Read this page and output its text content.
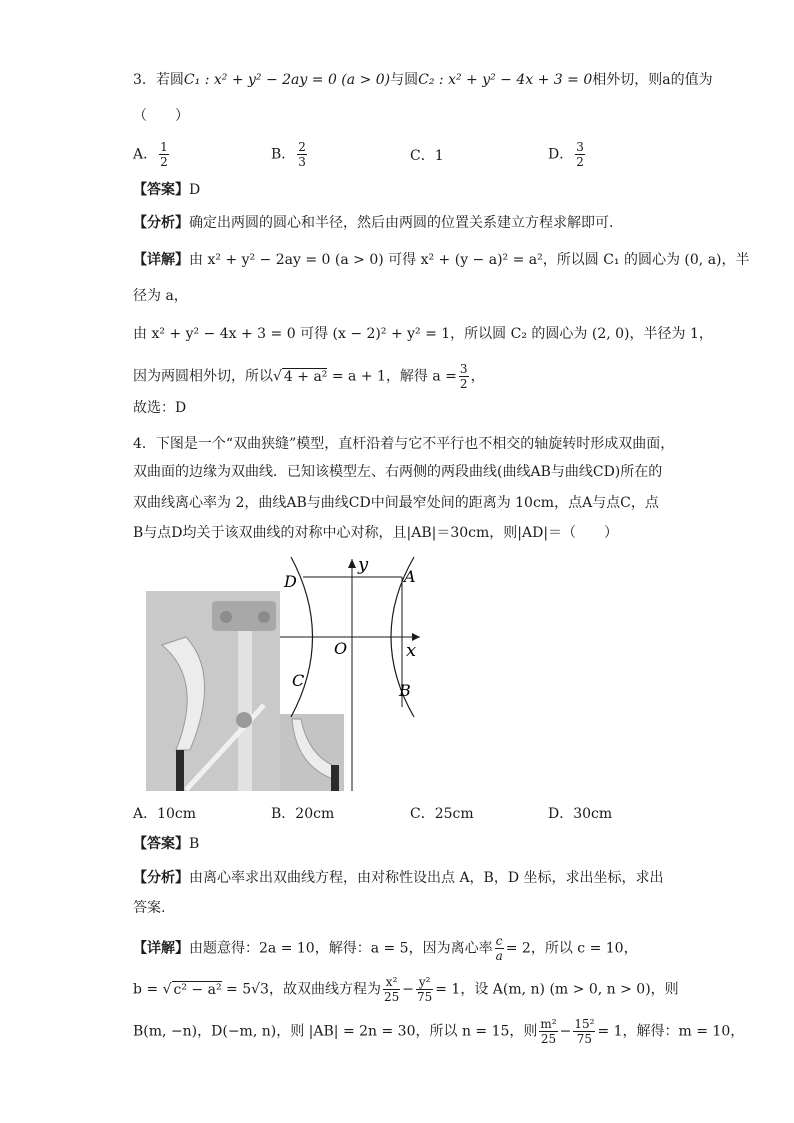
3．若圆C₁ : x² + y² − 2ay = 0 (a > 0)与圆C₂ : x² + y² − 4x + 3 = 0相外切，则a的值为
（　　）
A． $\frac{1}{2}$	B． $\frac{2}{3}$	C．1	D． $\frac{3}{2}$
【答案】D
【分析】确定出两圆的圆心和半径，然后由两圆的位置关系建立方程求解即可.
【详解】由 x² + y² − 2ay = 0 (a > 0) 可得 x² + (y − a)² = a²，所以圆 C₁ 的圆心为 (0, a)，半
径为 a，
由 x² + y² − 4x + 3 = 0 可得 (x − 2)² + y² = 1，所以圆 C₂ 的圆心为 (2, 0)，半径为 1，
因为两圆相外切，所以√ 4 + a² = a + 1，解得 $a = \frac{3}{2}$ ，
故选：D
4．下图是一个“双曲狭缝”模型，直杆沿着与它不平行也不相交的轴旋转时形成双曲面，
双曲面的边缘为双曲线．已知该模型左、右两侧的两段曲线(曲线AB与曲线CD)所在的
双曲线离心率为 2，曲线AB与曲线CD中间最窄处间的距离为 10cm，点A与点C，点
B与点D均关于该双曲线的对称中心对称，且|AB|＝30cm，则|AD|＝（　　）
D	A
y
O	x
C
B
A．10cm	B．20cm	C．25cm	D．30cm
【答案】B
【分析】由离心率求出双曲线方程，由对称性设出点 A，B，D 坐标，求出坐标，求出
答案.
【详解】由题意得：2a = 10，解得：a = 5，因为离心率 $\frac{c}{a} = 2$，所以 c = 10，
b = √ c² − a² = 5√3，故双曲线方程为 $\frac{\text{x²}}{25} - \frac{\text{y²}}{75} = 1$，设 A(m, n) (m > 0, n > 0)，则
B(m, −n)，D(−m, n)，则 |AB| = 2n = 30，所以 n = 15，则 $\frac{\text{m²}}{25} - \frac{\text{15²}}{75} = 1$，解得：m = 10，
